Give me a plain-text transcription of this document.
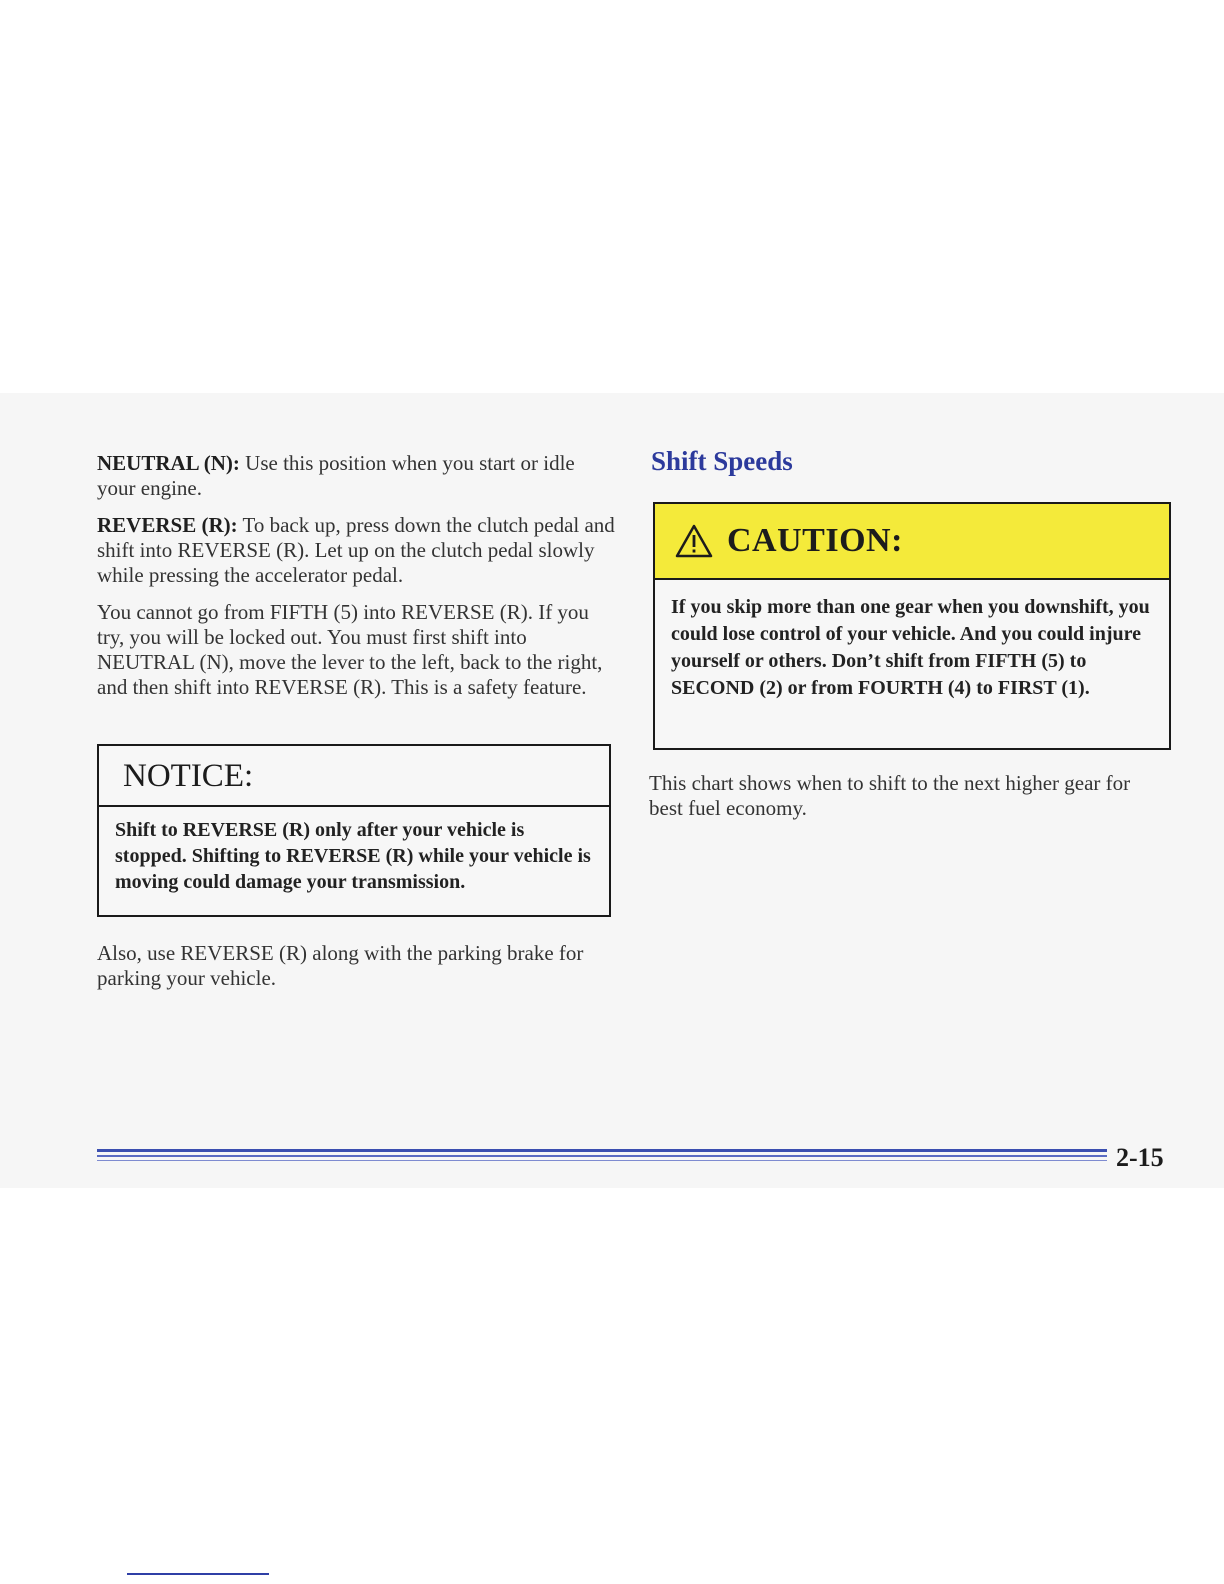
NEUTRAL (N): Use this position when you start or idle your engine.

REVERSE (R): To back up, press down the clutch pedal and shift into REVERSE (R). Let up on the clutch pedal slowly while pressing the accelerator pedal.

You cannot go from FIFTH (5) into REVERSE (R). If you try, you will be locked out. You must first shift into NEUTRAL (N), move the lever to the left, back to the right, and then shift into REVERSE (R). This is a safety feature.

NOTICE:
Shift to REVERSE (R) only after your vehicle is stopped. Shifting to REVERSE (R) while your vehicle is moving could damage your transmission.

Also, use REVERSE (R) along with the parking brake for parking your vehicle.

Shift Speeds
CAUTION:
If you skip more than one gear when you downshift, you could lose control of your vehicle. And you could injure yourself or others. Don’t shift from FIFTH (5) to SECOND (2) or from FOURTH (4) to FIRST (1).

This chart shows when to shift to the next higher gear for best fuel economy.

2-15
